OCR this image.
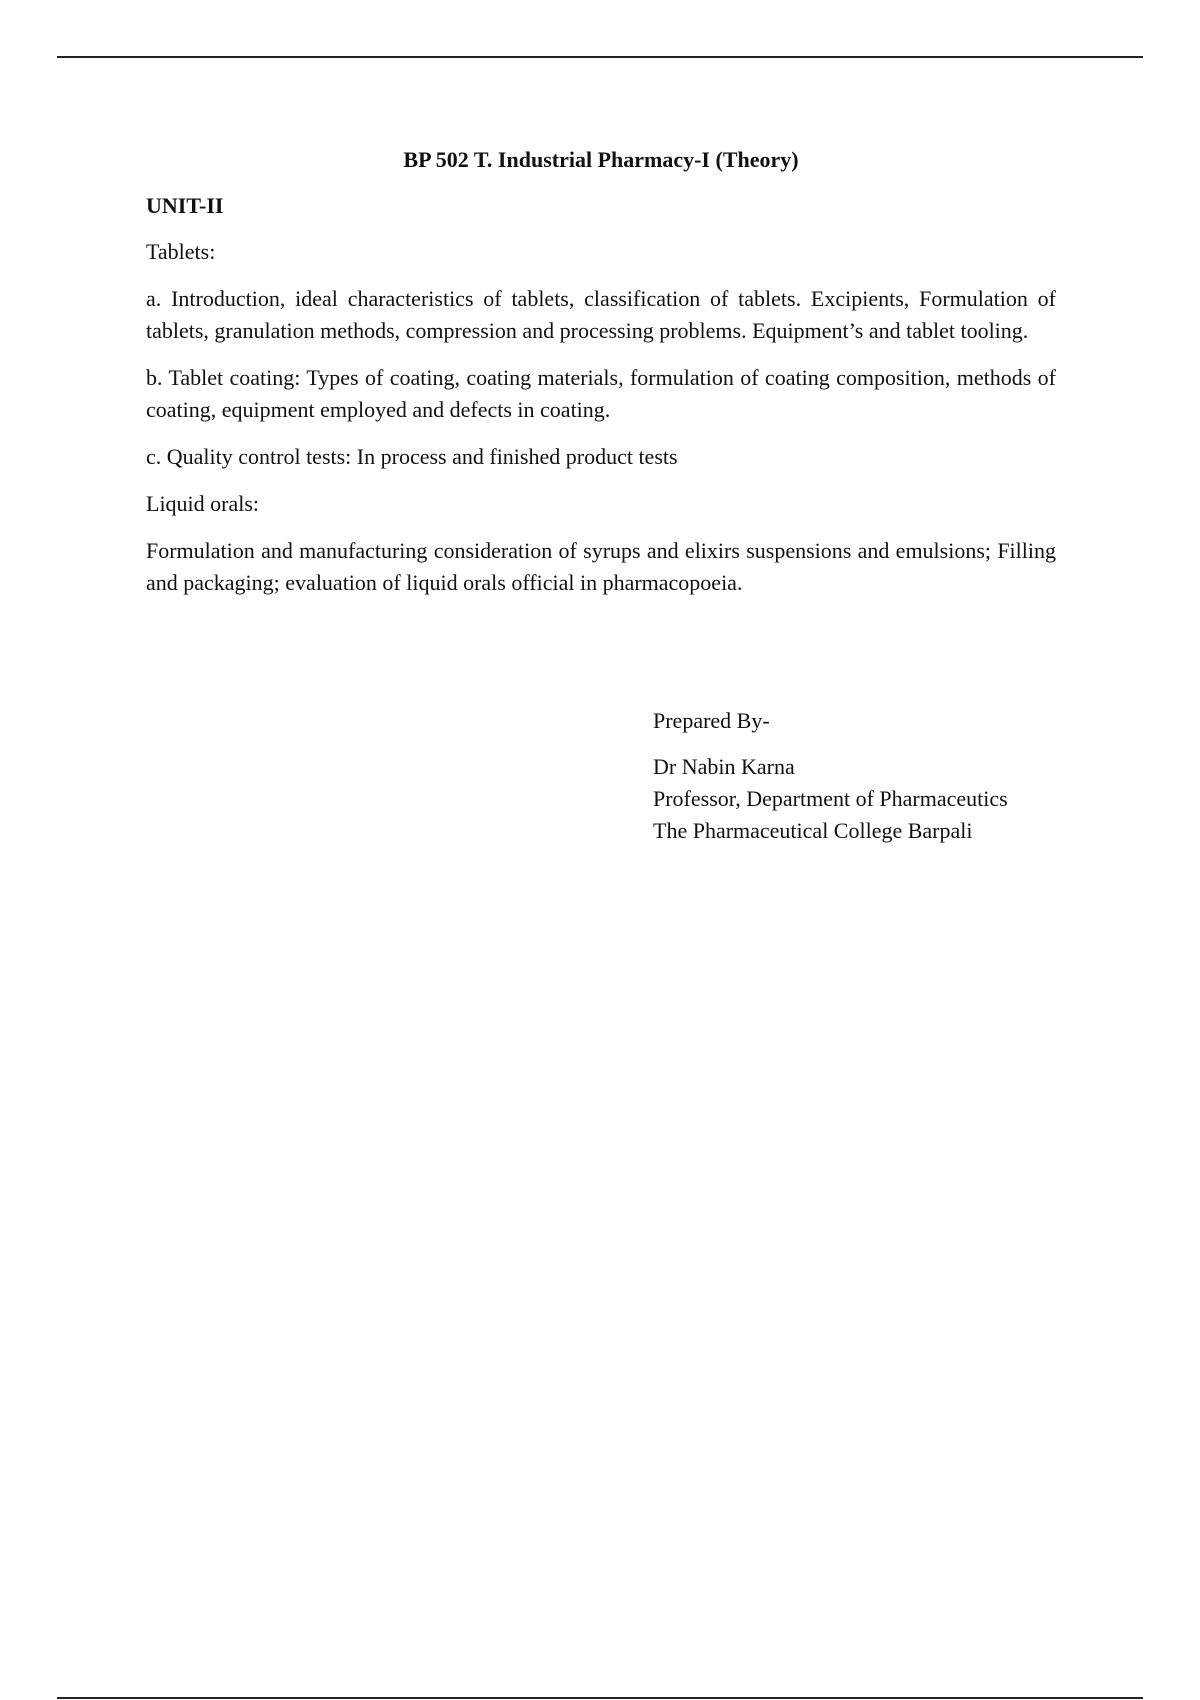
BP 502 T. Industrial Pharmacy-I (Theory)

UNIT-II

Tablets:

a. Introduction, ideal characteristics of tablets, classification of tablets. Excipients, Formulation of tablets, granulation methods, compression and processing problems. Equipment’s and tablet tooling.

b. Tablet coating: Types of coating, coating materials, formulation of coating composition, methods of coating, equipment employed and defects in coating.

c. Quality control tests: In process and finished product tests

Liquid orals:

Formulation and manufacturing consideration of syrups and elixirs suspensions and emulsions; Filling and packaging; evaluation of liquid orals official in pharmacopoeia.

Prepared By-

Dr Nabin Karna

Professor, Department of Pharmaceutics

The Pharmaceutical College Barpali
